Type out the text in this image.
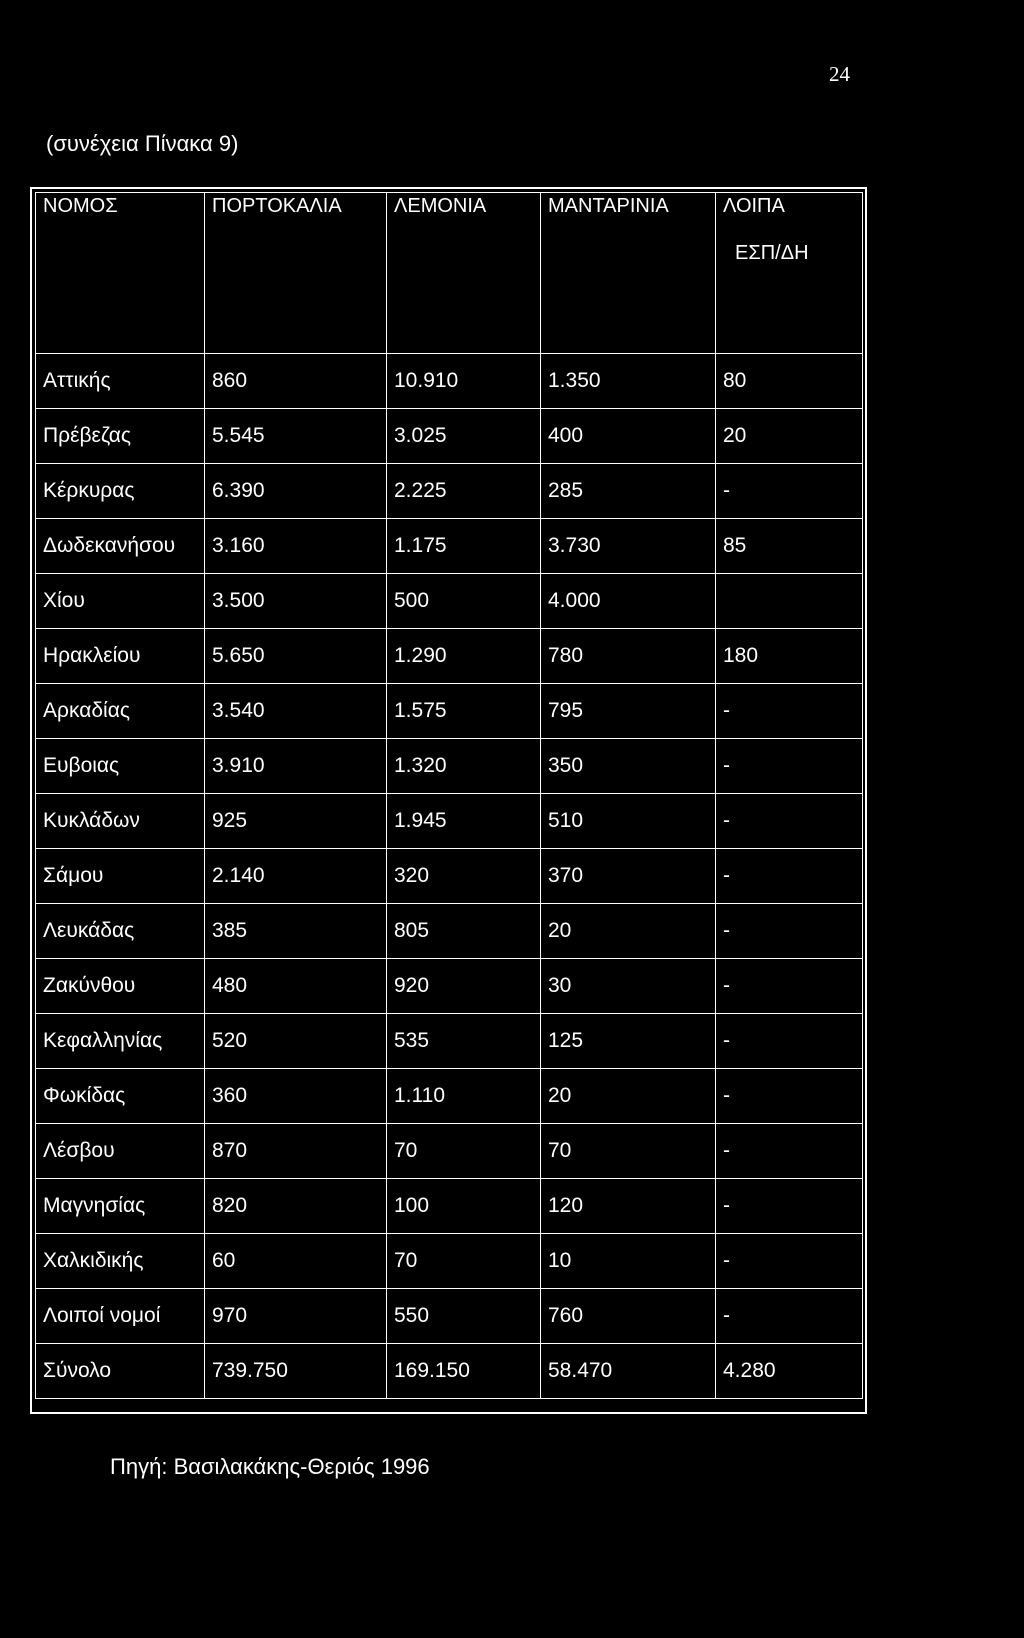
24
(συνέχεια Πίνακα 9)
ΝΟΜΟΣ	ΠΟΡΤΟΚΑΛΙΑ	ΛΕΜΟΝΙΑ	ΜΑΝΤΑΡΙΝΙΑ	ΛΟΙΠΑ
ΕΣΠ/ΔΗ

Αττικής	860	10.910	1.350	80
Πρέβεζας	5.545	3.025	400	20
Κέρκυρας	6.390	2.225	285	-
Δωδεκανήσου	3.160	1.175	3.730	85
Χίου	3.500	500	4.000	
Ηρακλείου	5.650	1.290	780	180
Αρκαδίας	3.540	1.575	795	-
Ευβοιας	3.910	1.320	350	-
Κυκλάδων	925	1.945	510	-
Σάμου	2.140	320	370	-
Λευκάδας	385	805	20	-
Ζακύνθου	480	920	30	-
Κεφαλληνίας	520	535	125	-
Φωκίδας	360	1.110	20	-
Λέσβου	870	70	70	-
Μαγνησίας	820	100	120	-
Χαλκιδικής	60	70	10	-
Λοιποί νομοί	970	550	760	-
Σύνολο	739.750	169.150	58.470	4.280
Πηγή: Βασιλακάκης-Θεριός 1996
